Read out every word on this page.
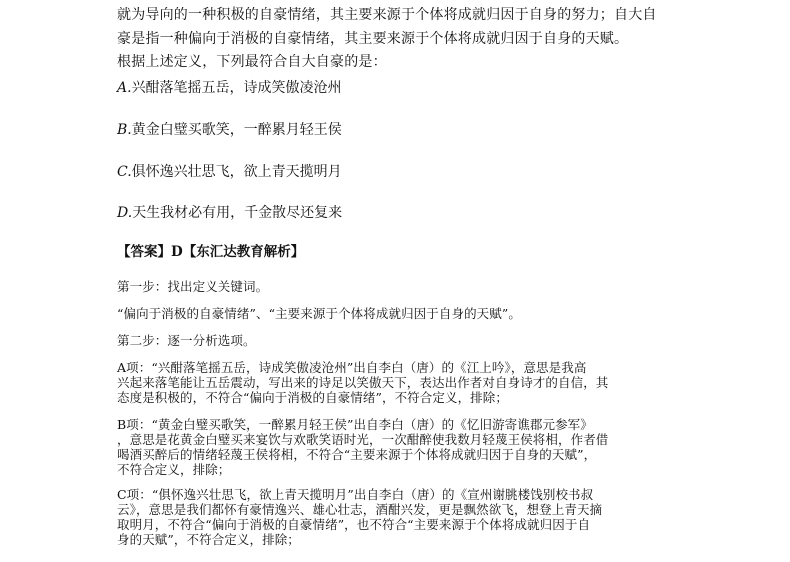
就为导向的一种积极的自豪情绪，其主要来源于个体将成就归因于自身的努力；自大自
豪是指一种偏向于消极的自豪情绪，其主要来源于个体将成就归因于自身的天赋。
根据上述定义，下列最符合自大自豪的是：
A.兴酣落笔摇五岳，诗成笑傲凌沧州
B.黄金白璧买歌笑，一醉累月轻王侯
C.俱怀逸兴壮思飞，欲上青天揽明月
D.天生我材必有用，千金散尽还复来
【答案】D【东汇达教育解析】
第一步：找出定义关键词。
“偏向于消极的自豪情绪”、“主要来源于个体将成就归因于自身的天赋”。
第二步：逐一分析选项。
A项：“兴酣落笔摇五岳，诗成笑傲凌沧州”出自李白（唐）的《江上吟》，意思是我高
兴起来落笔能让五岳震动，写出来的诗足以笑傲天下，表达出作者对自身诗才的自信，其
态度是积极的，不符合“偏向于消极的自豪情绪”，不符合定义，排除；
B项：“黄金白璧买歌笑，一醉累月轻王侯”出自李白（唐）的《忆旧游寄谯郡元参军》
，意思是花黄金白璧买来宴饮与欢歌笑语时光，一次酣醉使我数月轻蔑王侯将相，作者借
喝酒买醉后的情绪轻蔑王侯将相，不符合“主要来源于个体将成就归因于自身的天赋”，
不符合定义，排除；
C项：“俱怀逸兴壮思飞，欲上青天揽明月”出自李白（唐）的《宣州谢朓楼饯别校书叔
云》，意思是我们都怀有豪情逸兴、雄心壮志，酒酣兴发，更是飘然欲飞，想登上青天摘
取明月，不符合“偏向于消极的自豪情绪”，也不符合“主要来源于个体将成就归因于自
身的天赋”，不符合定义，排除；
